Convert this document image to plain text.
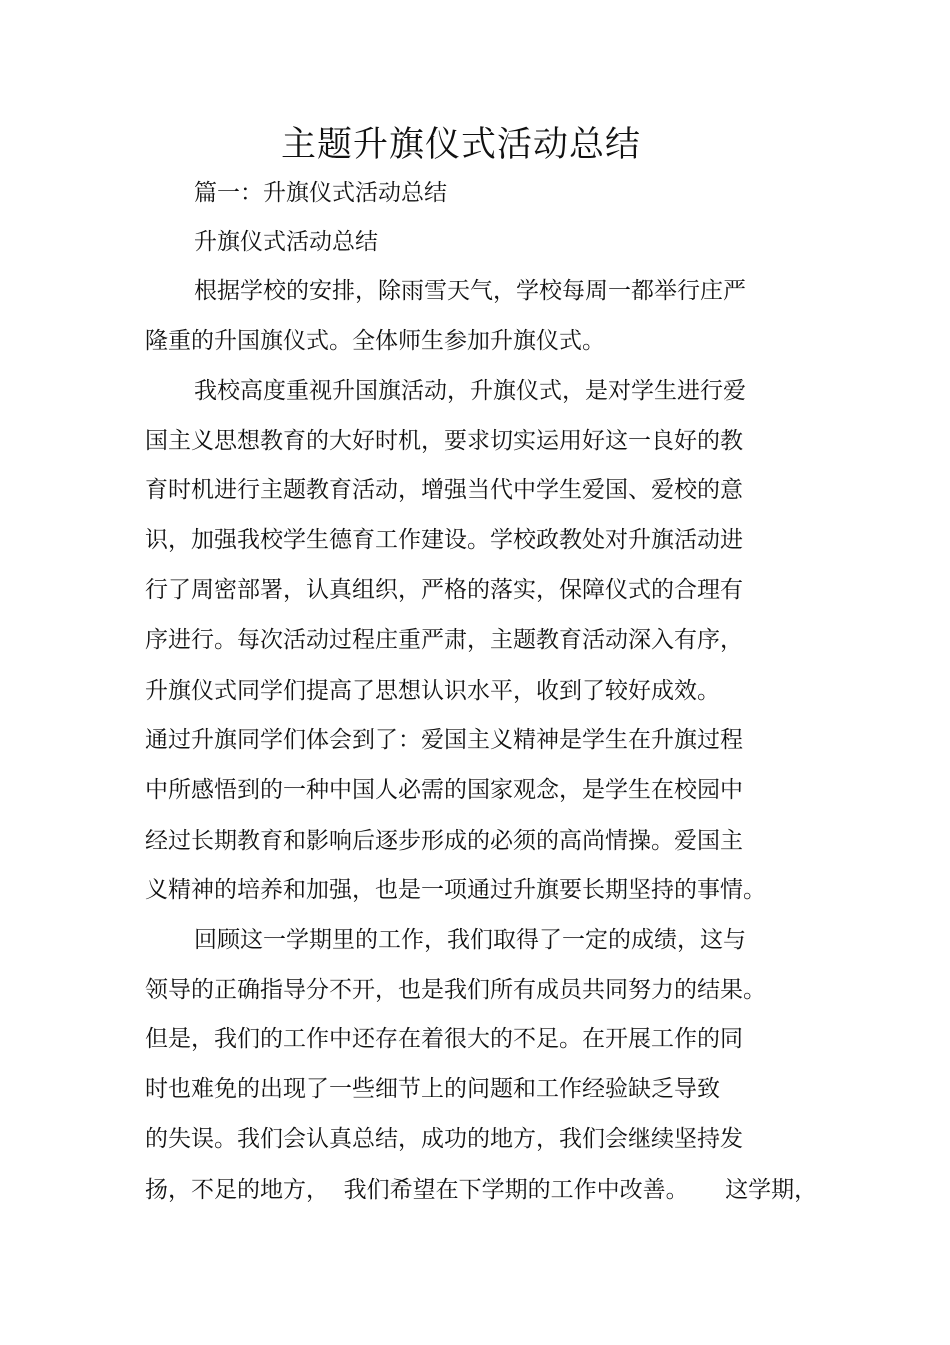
主题升旗仪式活动总结
篇一：升旗仪式活动总结
升旗仪式活动总结
根据学校的安排，除雨雪天气，学校每周一都举行庄严
隆重的升国旗仪式。全体师生参加升旗仪式。
我校高度重视升国旗活动，升旗仪式，是对学生进行爱
国主义思想教育的大好时机，要求切实运用好这一良好的教
育时机进行主题教育活动，增强当代中学生爱国、爱校的意
识，加强我校学生德育工作建设。学校政教处对升旗活动进
行了周密部署，认真组织，严格的落实，保障仪式的合理有
序进行。每次活动过程庄重严肃，主题教育活动深入有序，
升旗仪式同学们提高了思想认识水平，收到了较好成效。
通过升旗同学们体会到了：爱国主义精神是学生在升旗过程
中所感悟到的一种中国人必需的国家观念，是学生在校园中
经过长期教育和影响后逐步形成的必须的高尚情操。爱国主
义精神的培养和加强，也是一项通过升旗要长期坚持的事情。
回顾这一学期里的工作，我们取得了一定的成绩，这与
领导的正确指导分不开，也是我们所有成员共同努力的结果。
但是，我们的工作中还存在着很大的不足。在开展工作的同
时也难免的出现了一些细节上的问题和工作经验缺乏导致
的失误。我们会认真总结，成功的地方，我们会继续坚持发
扬，不足的地方，  我们希望在下学期的工作中改善。     这学期，
